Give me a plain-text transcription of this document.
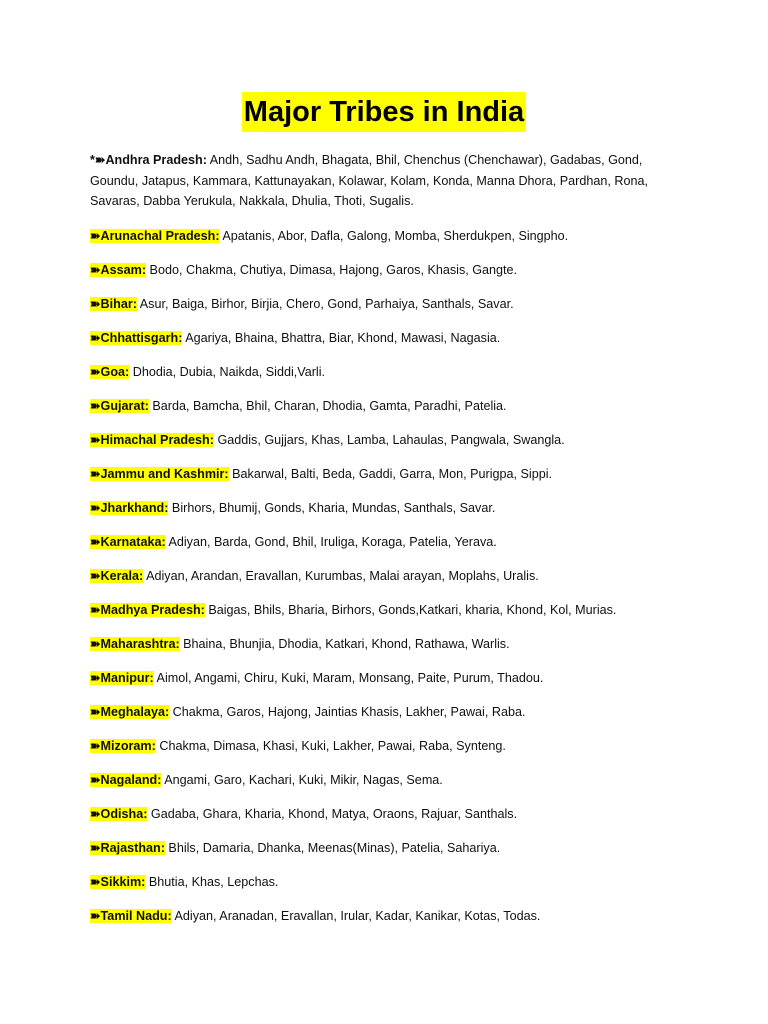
Major Tribes in India

*➽Andhra Pradesh: Andh, Sadhu Andh, Bhagata, Bhil, Chenchus (Chenchawar), Gadabas, Gond, Goundu, Jatapus, Kammara, Kattunayakan, Kolawar, Kolam, Konda, Manna Dhora, Pardhan, Rona, Savaras, Dabba Yerukula, Nakkala, Dhulia, Thoti, Sugalis.

➽Arunachal Pradesh: Apatanis, Abor, Dafla, Galong, Momba, Sherdukpen, Singpho.

➽Assam: Bodo, Chakma, Chutiya, Dimasa, Hajong, Garos, Khasis, Gangte.

➽Bihar: Asur, Baiga, Birhor, Birjia, Chero, Gond, Parhaiya, Santhals, Savar.

➽Chhattisgarh: Agariya, Bhaina, Bhattra, Biar, Khond, Mawasi, Nagasia.

➽Goa: Dhodia, Dubia, Naikda, Siddi,Varli.

➽Gujarat: Barda, Bamcha, Bhil, Charan, Dhodia, Gamta, Paradhi, Patelia.

➽Himachal Pradesh: Gaddis, Gujjars, Khas, Lamba, Lahaulas, Pangwala, Swangla.

➽Jammu and Kashmir: Bakarwal, Balti, Beda, Gaddi, Garra, Mon, Purigpa, Sippi.

➽Jharkhand: Birhors, Bhumij, Gonds, Kharia, Mundas, Santhals, Savar.

➽Karnataka: Adiyan, Barda, Gond, Bhil, Iruliga, Koraga, Patelia, Yerava.

➽Kerala: Adiyan, Arandan, Eravallan, Kurumbas, Malai arayan, Moplahs, Uralis.

➽Madhya Pradesh: Baigas, Bhils, Bharia, Birhors, Gonds,Katkari, kharia, Khond, Kol, Murias.

➽Maharashtra: Bhaina, Bhunjia, Dhodia, Katkari, Khond, Rathawa, Warlis.

➽Manipur: Aimol, Angami, Chiru, Kuki, Maram, Monsang, Paite, Purum, Thadou.

➽Meghalaya: Chakma, Garos, Hajong, Jaintias Khasis, Lakher, Pawai, Raba.

➽Mizoram: Chakma, Dimasa, Khasi, Kuki, Lakher, Pawai, Raba, Synteng.

➽Nagaland: Angami, Garo, Kachari, Kuki, Mikir, Nagas, Sema.

➽Odisha: Gadaba, Ghara, Kharia, Khond, Matya, Oraons, Rajuar, Santhals.

➽Rajasthan: Bhils, Damaria, Dhanka, Meenas(Minas), Patelia, Sahariya.

➽Sikkim: Bhutia, Khas, Lepchas.

➽Tamil Nadu: Adiyan, Aranadan, Eravallan, Irular, Kadar, Kanikar, Kotas, Todas.
